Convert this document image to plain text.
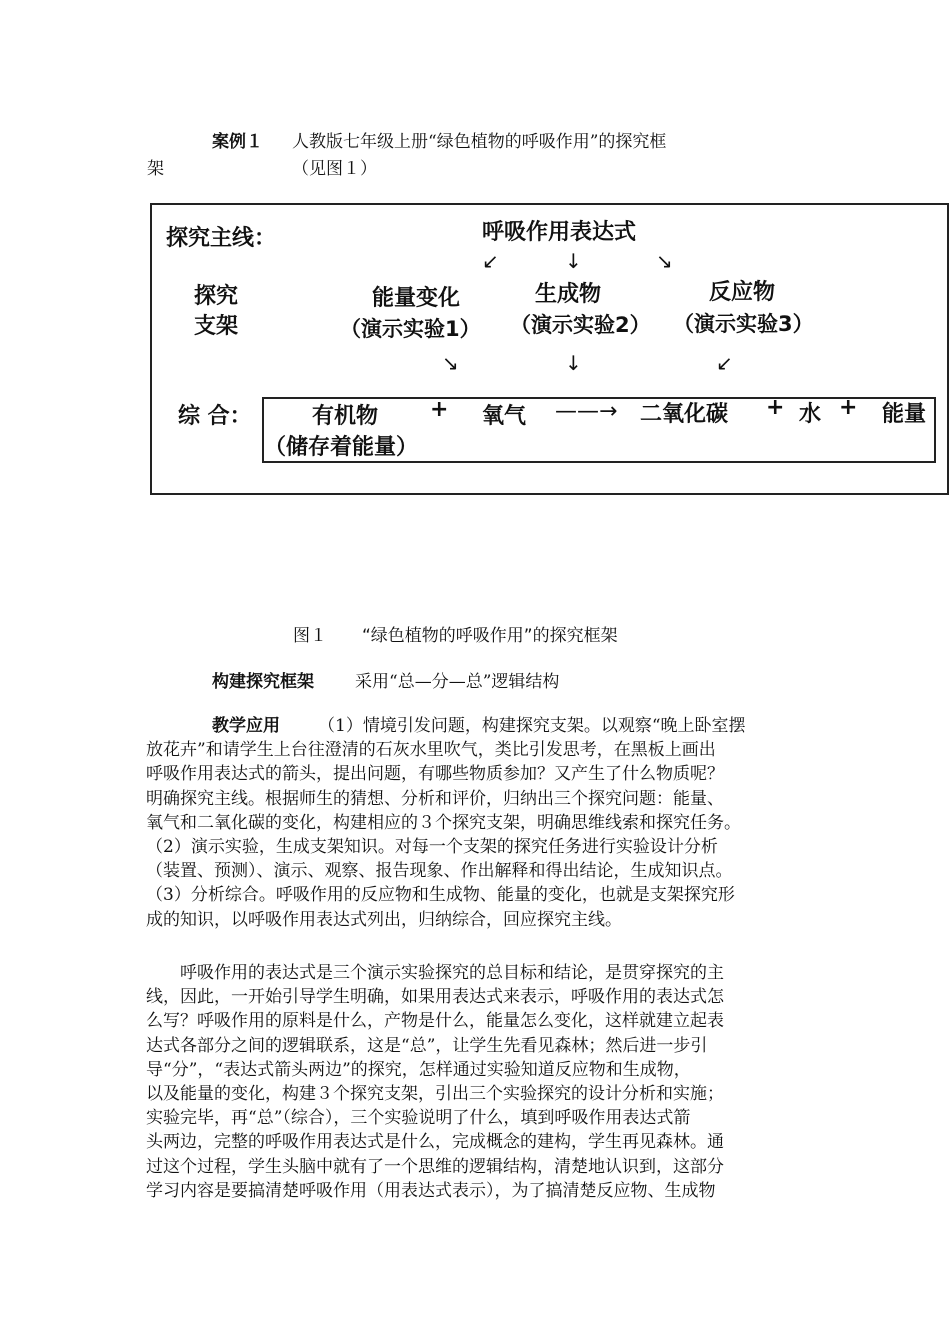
案例１ 人教版七年级上册“绿色植物的呼吸作用”的探究框
架	（见图１）
探究主线：	呼吸作用表达式
↙	↓	↘
探究
支架
能量变化	生成物	反应物
（演示实验1） （演示实验2） （演示实验3）
↘	↓	↙
综 合：	有机物 + 氧气 ——→ 二氧化碳 + 水 + 能量
（储存着能量）
图１ “绿色植物的呼吸作用”的探究框架
构建探究框架 采用“总—分—总”逻辑结构
教学应用 （1）情境引发问题，构建探究支架。以观察“晚上卧室摆
放花卉”和请学生上台往澄清的石灰水里吹气，类比引发思考，在黑板上画出
呼吸作用表达式的箭头，提出问题，有哪些物质参加？又产生了什么物质呢？
明确探究主线。根据师生的猜想、分析和评价，归纳出三个探究问题：能量、
氧气和二氧化碳的变化，构建相应的３个探究支架，明确思维线索和探究任务。
（2）演示实验，生成支架知识。对每一个支架的探究任务进行实验设计分析
（装置、预测）、演示、观察、报告现象、作出解释和得出结论，生成知识点。
（3）分析综合。呼吸作用的反应物和生成物、能量的变化，也就是支架探究形
成的知识，以呼吸作用表达式列出，归纳综合，回应探究主线。
呼吸作用的表达式是三个演示实验探究的总目标和结论，是贯穿探究的主
线，因此，一开始引导学生明确，如果用表达式来表示，呼吸作用的表达式怎
么写？呼吸作用的原料是什么，产物是什么，能量怎么变化，这样就建立起表
达式各部分之间的逻辑联系，这是“总”，让学生先看见森林；然后进一步引
导“分”，“表达式箭头两边”的探究，怎样通过实验知道反应物和生成物，
以及能量的变化，构建３个探究支架，引出三个实验探究的设计分析和实施；
实验完毕，再“总”（综合），三个实验说明了什么，填到呼吸作用表达式箭
头两边，完整的呼吸作用表达式是什么，完成概念的建构，学生再见森林。通
过这个过程，学生头脑中就有了一个思维的逻辑结构，清楚地认识到，这部分
学习内容是要搞清楚呼吸作用（用表达式表示），为了搞清楚反应物、生成物
